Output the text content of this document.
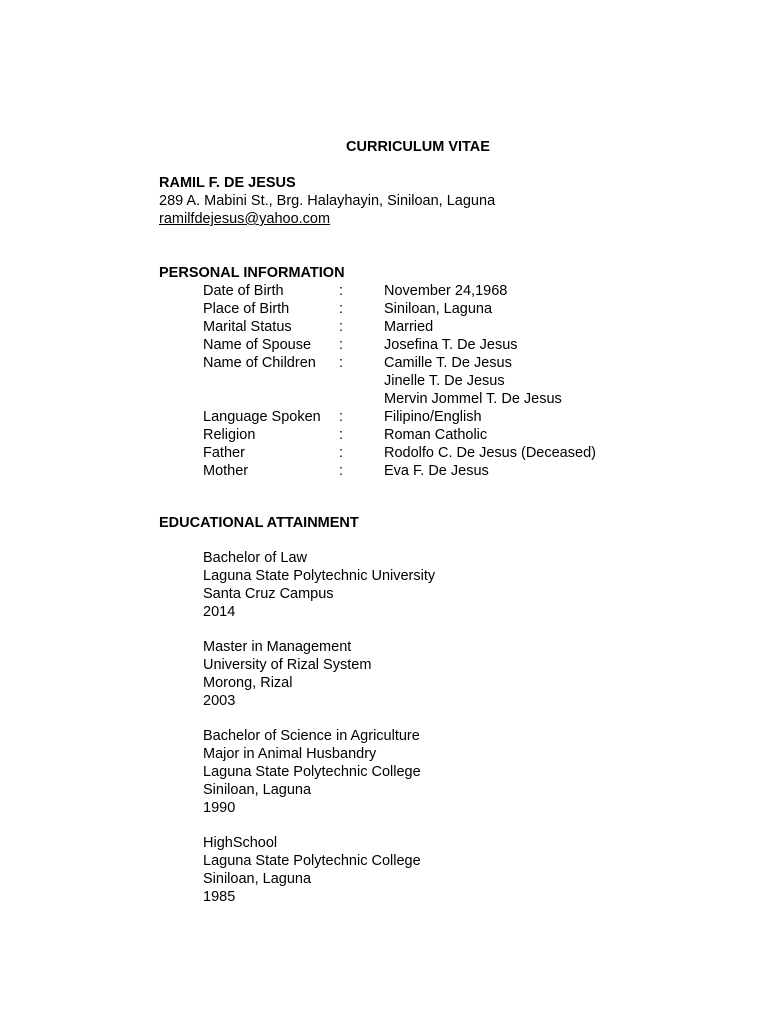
CURRICULUM VITAE
RAMIL F. DE JESUS
289 A. Mabini St., Brg. Halayhayin, Siniloan, Laguna
ramilfdejesus@yahoo.com
PERSONAL INFORMATION
Date of Birth	:	November 24,1968
Place of Birth	:	Siniloan, Laguna
Marital Status	:	Married
Name of Spouse	:	Josefina T. De Jesus
Name of Children	:	Camille T. De Jesus
Jinelle T. De Jesus
Mervin Jommel T. De Jesus
Language Spoken	:	Filipino/English
Religion	:	Roman Catholic
Father	:	Rodolfo C. De Jesus (Deceased)
Mother	:	Eva F. De Jesus
EDUCATIONAL ATTAINMENT
Bachelor of Law
Laguna State Polytechnic University
Santa Cruz Campus
2014
Master in Management
University of Rizal System
Morong, Rizal
2003
Bachelor of Science in Agriculture
Major in Animal Husbandry
Laguna State Polytechnic College
Siniloan, Laguna
1990
HighSchool
Laguna State Polytechnic College
Siniloan, Laguna
1985
